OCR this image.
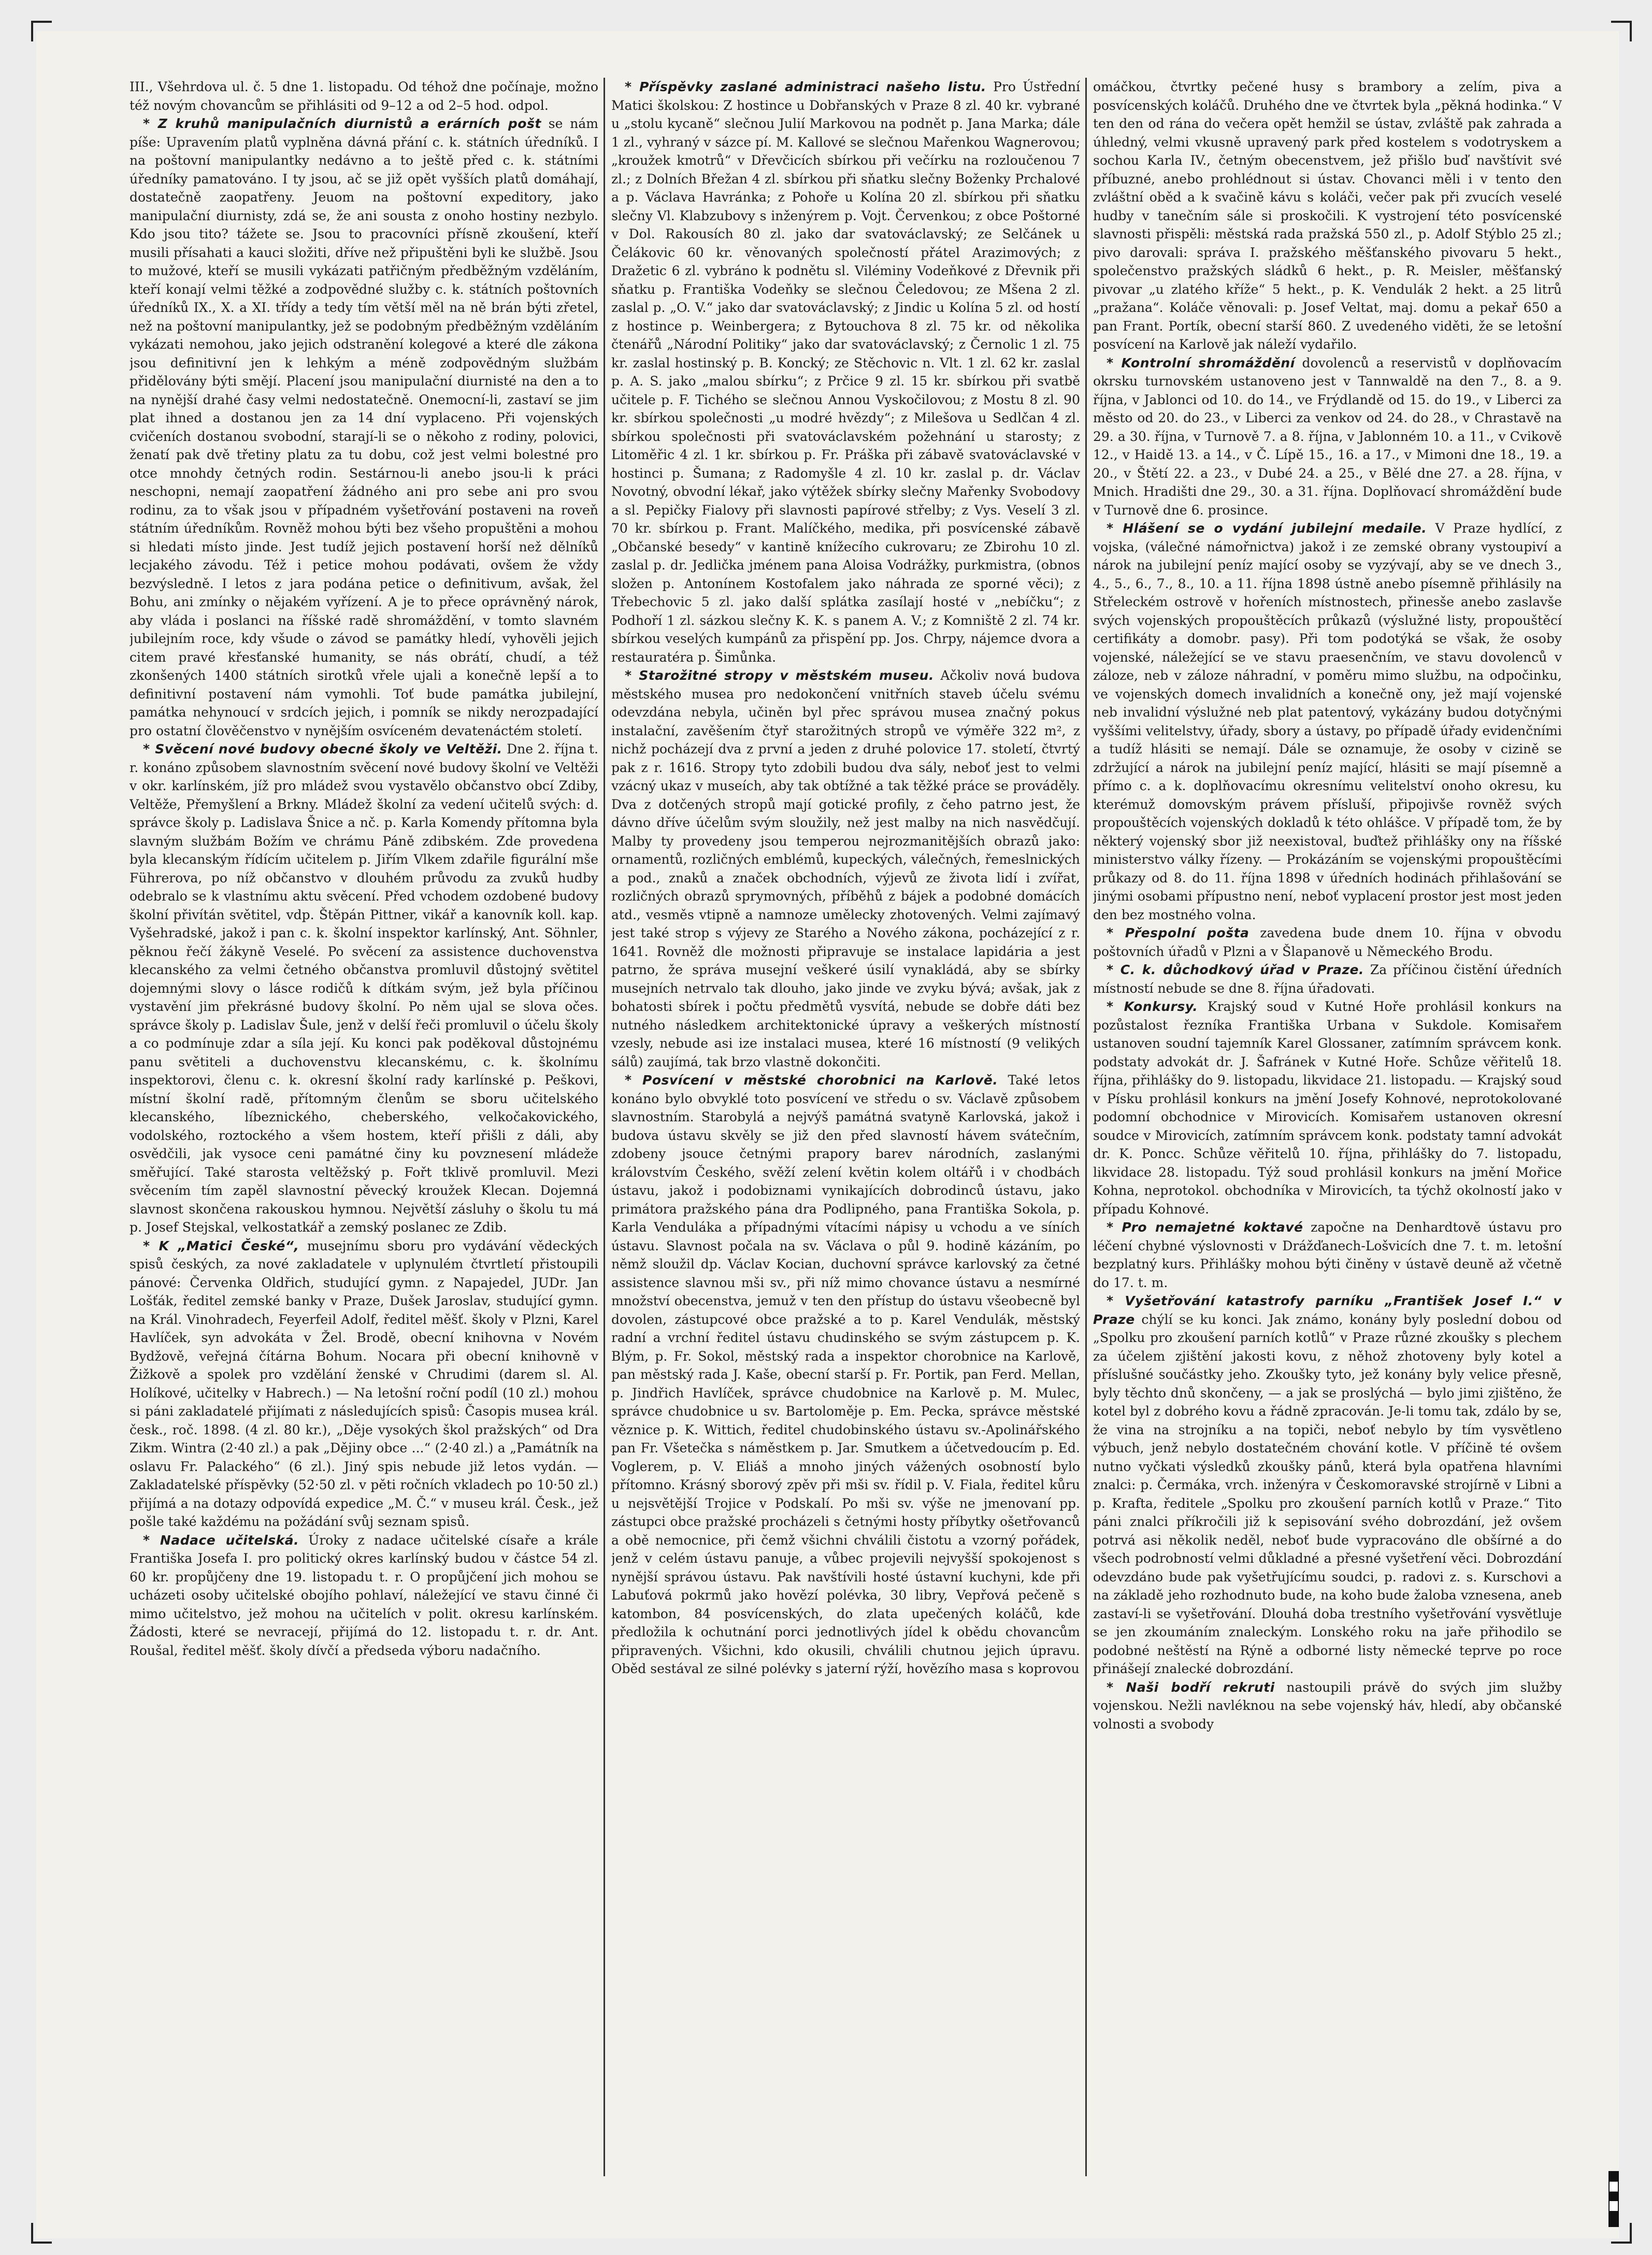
III., Všehrdova ul. č. 5 dne 1. listopadu. Od téhož dne počínaje, možno též novým chovancům se přihlásiti od 9–12 a od 2–5 hod. odpol.

* Z kruhů manipulačních diurnistů a erárních pošt se nám píše: Upravením platů vyplněna dávná přání c. k. státních úředníků. I na poštovní manipulantky nedávno a to ještě před c. k. státními úředníky pamatováno. I ty jsou, ač se již opět vyšších platů domáhají, dostatečně zaopatřeny. Jeuom na poštovní expeditory, jako manipulační diurnisty, zdá se, že ani sousta z onoho hostiny nezbylo. Kdo jsou tito? tážete se. Jsou to pracovníci přísně zkoušení, kteří musili přísahati a kauci složiti, dříve než připuštěni byli ke službě. Jsou to mužové, kteří se musili vykázati patřičným předběžným vzděláním, kteří konají velmi těžké a zodpovědné služby c. k. státních poštovních úředníků IX., X. a XI. třídy a tedy tím větší měl na ně brán býti zřetel, než na poštovní manipulantky, jež se podobným předběžným vzděláním vykázati nemohou, jako jejich odstranění kolegové a které dle zákona jsou definitivní jen k lehkým a méně zodpovědným službám přidělovány býti smějí. Placení jsou manipulační diurnisté na den a to na nynější drahé časy velmi nedostatečně. Onemocní-li, zastaví se jim plat ihned a dostanou jen za 14 dní vyplaceno. Při vojenských cvičeních dostanou svobodní, starají-li se o někoho z rodiny, polovici, ženatí pak dvě třetiny platu za tu dobu, což jest velmi bolestné pro otce mnohdy četných rodin. Sestárnou-li anebo jsou-li k práci neschopni, nemají zaopatření žádného ani pro sebe ani pro svou rodinu, za to však jsou v případném vyšetřování postaveni na roveň státním úředníkům. Rovněž mohou býti bez všeho propuštěni a mohou si hledati místo jinde. Jest tudíž jejich postavení horší než dělníků lecjakého závodu. Též i petice mohou podávati, ovšem že vždy bezvýsledně. I letos z jara podána petice o definitivum, avšak, žel Bohu, ani zmínky o nějakém vyřízení. A je to přece oprávněný nárok, aby vláda i poslanci na říšské radě shromáždění, v tomto slavném jubilejním roce, kdy všude o závod se památky hledí, vyhověli jejich citem pravé křesťanské humanity, se nás obrátí, chudí, a též zkonšených 1400 státních sirotků vřele ujali a konečně lepší a to definitivní postavení nám vymohli. Toť bude památka jubilejní, památka nehynoucí v srdcích jejich, i pomník se nikdy nerozpadající pro ostatní člověčenstvo v nynějším osvíceném devatenáctém století.

* Svěcení nové budovy obecné školy ve Veltěži. Dne 2. října t. r. konáno způsobem slavnostním svěcení nové budovy školní ve Veltěži v okr. karlínském, jíž pro mládež svou vystavělo občanstvo obcí Zdiby, Veltěže, Přemyšlení a Brkny. Mládež školní za vedení učitelů svých: d. správce školy p. Ladislava Šnice a nč. p. Karla Komendy přítomna byla slavným službám Božím ve chrámu Páně zdibském. Zde provedena byla klecanským řídícím učitelem p. Jiřím Vlkem zdařile figurální mše Führerova, po níž občanstvo v dlouhém průvodu za zvuků hudby odebralo se k vlastnímu aktu svěcení. Před vchodem ozdobené budovy školní přivítán světitel, vdp. Štěpán Pittner, vikář a kanovník koll. kap. Vyšehradské, jakož i pan c. k. školní inspektor karlínský, Ant. Söhnler, pěknou řečí žákyně Veselé. Po svěcení za assistence duchovenstva klecanského za velmi četného občanstva promluvil důstojný světitel dojemnými slovy o lásce rodičů k dítkám svým, jež byla příčinou vystavění jim překrásné budovy školní. Po něm ujal se slova očes. správce školy p. Ladislav Šule, jenž v delší řeči promluvil o účelu školy a co podmínuje zdar a síla její. Ku konci pak poděkoval důstojnému panu světiteli a duchovenstvu klecanskému, c. k. školnímu inspektorovi, členu c. k. okresní školní rady karlínské p. Peškovi, místní školní radě, přítomným členům se sboru učitelského klecanského, líbeznického, cheberského, velkočakovického, vodolského, roztockého a všem hostem, kteří přišli z dáli, aby osvědčili, jak vysoce ceni památné činy ku povznesení mládeže směřující. Také starosta veltěžský p. Fořt tklivě promluvil. Mezi svěcením tím zapěl slavnostní pěvecký kroužek Klecan. Dojemná slavnost skončena rakouskou hymnou. Největší zásluhy o školu tu má p. Josef Stejskal, velkostatkář a zemský poslanec ze Zdib.

* K „Matici České“, musejnímu sboru pro vydávání vědeckých spisů českých, za nové zakladatele v uplynulém čtvrtletí přistoupili pánové: Červenka Oldřich, studující gymn. z Napajedel, JUDr. Jan Lošťák, ředitel zemské banky v Praze, Dušek Jaroslav, studující gymn. na Král. Vinohradech, Feyerfeil Adolf, ředitel měšť. školy v Plzni, Karel Havlíček, syn advokáta v Žel. Brodě, obecní knihovna v Novém Bydžově, veřejná čítárna Bohum. Nocara při obecní knihovně v Žižkově a spolek pro vzdělání ženské v Chrudimi (darem sl. Al. Holíkové, učitelky v Habrech.) — Na letošní roční podíl (10 zl.) mohou si páni zakladatelé přijímati z následujících spisů: Časopis musea král. česk., roč. 1898. (4 zl. 80 kr.), „Děje vysokých škol pražských“ od Dra Zikm. Wintra (2·40 zl.) a pak „Dějiny obce ...“ (2·40 zl.) a „Památník na oslavu Fr. Palackého“ (6 zl.). Jiný spis nebude již letos vydán. — Zakladatelské příspěvky (52·50 zl. v pěti ročních vkladech po 10·50 zl.) přijímá a na dotazy odpovídá expedice „M. Č.“ v museu král. Česk., jež pošle také každému na požádání svůj seznam spisů.

* Nadace učitelská. Úroky z nadace učitelské císaře a krále Františka Josefa I. pro politický okres karlínský budou v částce 54 zl. 60 kr. propůjčeny dne 19. listopadu t. r. O propůjčení jich mohou se ucházeti osoby učitelské obojího pohlaví, náležející ve stavu činné či mimo učitelstvo, jež mohou na učitelích v polit. okresu karlínském. Žádosti, které se nevracejí, přijímá do 12. listopadu t. r. dr. Ant. Roušal, ředitel měšť. školy dívčí a předseda výboru nadačního.

* Příspěvky zaslané administraci našeho listu. Pro Ústřední Matici školskou: Z hostince u Dobřanských v Praze 8 zl. 40 kr. vybrané u „stolu kycaně“ slečnou Julií Markovou na podnět p. Jana Marka; dále 1 zl., vyhraný v sázce pí. M. Kallové se slečnou Mařenkou Wagnerovou; „kroužek kmotrů“ v Dřevčicích sbírkou při večírku na rozloučenou 7 zl.; z Dolních Břežan 4 zl. sbírkou při sňatku slečny Boženky Prchalové a p. Václava Havránka; z Pohoře u Kolína 20 zl. sbírkou při sňatku slečny Vl. Klabzubovy s inženýrem p. Vojt. Červenkou; z obce Poštorné v Dol. Rakousích 80 zl. jako dar svatováclavský; ze Selčánek u Čelákovic 60 kr. věnovaných společností přátel Arazimových; z Dražetic 6 zl. vybráno k podnětu sl. Viléminy Vodeňkové z Dřevnik při sňatku p. Františka Vodeňky se slečnou Čeledovou; ze Mšena 2 zl. zaslal p. „O. V.“ jako dar svatováclavský; z Jindic u Kolína 5 zl. od hostí z hostince p. Weinbergera; z Bytouchova 8 zl. 75 kr. od několika čtenářů „Národní Politiky“ jako dar svatováclavský; z Černolic 1 zl. 75 kr. zaslal hostinský p. B. Koncký; ze Stěchovic n. Vlt. 1 zl. 62 kr. zaslal p. A. S. jako „malou sbírku“; z Prčice 9 zl. 15 kr. sbírkou při svatbě učitele p. F. Tichého se slečnou Annou Vyskočilovou; z Mostu 8 zl. 90 kr. sbírkou společnosti „u modré hvězdy“; z Milešova u Sedlčan 4 zl. sbírkou společnosti při svatováclavském požehnání u starosty; z Litoměřic 4 zl. 1 kr. sbírkou p. Fr. Práška při zábavě svatováclavské v hostinci p. Šumana; z Radomyšle 4 zl. 10 kr. zaslal p. dr. Václav Novotný, obvodní lékař, jako výtěžek sbírky slečny Mařenky Svobodovy a sl. Pepičky Fialovy při slavnosti papírové střelby; z Vys. Veselí 3 zl. 70 kr. sbírkou p. Frant. Malíčkého, medika, při posvícenské zábavě „Občanské besedy“ v kantině knížecího cukrovaru; ze Zbirohu 10 zl. zaslal p. dr. Jedlička jménem pana Aloisa Vodrážky, purkmistra, (obnos složen p. Antonínem Kostofalem jako náhrada ze sporné věci); z Třebechovic 5 zl. jako další splátka zasílají hosté v „nebíčku“; z Podhoří 1 zl. sázkou slečny K. K. s panem A. V.; z Komniště 2 zl. 74 kr. sbírkou veselých kumpánů za přispění pp. Jos. Chrpy, nájemce dvora a restauratéra p. Šimůnka.

* Starožitné stropy v městském museu. Ačkoliv nová budova městského musea pro nedokončení vnitřních staveb účelu svému odevzdána nebyla, učiněn byl přec správou musea značný pokus instalační, zavěšením čtyř starožitných stropů ve výměře 322 m², z nichž pocházejí dva z první a jeden z druhé polovice 17. století, čtvrtý pak z r. 1616. Stropy tyto zdobili budou dva sály, neboť jest to velmi vzácný ukaz v museích, aby tak obtížné a tak těžké práce se prováděly. Dva z dotčených stropů mají gotické profily, z čeho patrno jest, že dávno dříve účelům svým sloužily, než jest malby na nich nasvědčují. Malby ty provedeny jsou temperou nejrozmanitějších obrazů jako: ornamentů, rozličných emblémů, kupeckých, válečných, řemeslnických a pod., znaků a značek obchodních, výjevů ze života lidí i zvířat, rozličných obrazů sprymovných, příběhů z bájek a podobné domácích atd., vesměs vtipně a namnoze umělecky zhotovených. Velmi zajímavý jest také strop s výjevy ze Starého a Nového zákona, pocházející z r. 1641. Rovněž dle možnosti připravuje se instalace lapidária a jest patrno, že správa musejní veškeré úsilí vynakládá, aby se sbírky musejních netrvalo tak dlouho, jako jinde ve zvyku bývá; avšak, jak z bohatosti sbírek i počtu předmětů vysvítá, nebude se dobře dáti bez nutného následkem architektonické úpravy a veškerých místností vzesly, nebude asi ize instalaci musea, které 16 místností (9 velikých sálů) zaujímá, tak brzo vlastně dokončiti.

* Posvícení v městské chorobnici na Karlově. Také letos konáno bylo obvyklé toto posvícení ve středu o sv. Václavě způsobem slavnostním. Starobylá a nejvýš památná svatyně Karlovská, jakož i budova ústavu skvěly se již den před slavností hávem svátečním, zdobeny jsouce četnými prapory barev národních, zaslanými královstvím Českého, svěží zelení květin kolem oltářů i v chodbách ústavu, jakož i podobiznami vynikajících dobrodinců ústavu, jako primátora pražského pána dra Podlipného, pana Františka Sokola, p. Karla Venduláka a případnými vítacími nápisy u vchodu a ve síních ústavu. Slavnost počala na sv. Václava o půl 9. hodině kázáním, po němž sloužil dp. Václav Kocian, duchovní správce karlovský za četné assistence slavnou mši sv., při níž mimo chovance ústavu a nesmírné množství obecenstva, jemuž v ten den přístup do ústavu všeobecně byl dovolen, zástupcové obce pražské a to p. Karel Vendulák, městský radní a vrchní ředitel ústavu chudinského se svým zástupcem p. K. Blým, p. Fr. Sokol, městský rada a inspektor chorobnice na Karlově, pan městský rada J. Kaše, obecní starší p. Fr. Portik, pan Ferd. Mellan, p. Jindřich Havlíček, správce chudobnice na Karlově p. M. Mulec, správce chudobnice u sv. Bartoloměje p. Em. Pecka, správce městské věznice p. K. Wittich, ředitel chudobinského ústavu sv.-Apolinářského pan Fr. Všetečka s náměstkem p. Jar. Smutkem a účetvedoucím p. Ed. Voglerem, p. V. Eliáš a mnoho jiných vážených osobností bylo přítomno. Krásný sborový zpěv při mši sv. řídil p. V. Fiala, ředitel kůru u nejsvětější Trojice v Podskalí. Po mši sv. výše ne jmenovaní pp. zástupci obce pražské procházeli s četnými hosty příbytky ošetřovanců a obě nemocnice, při čemž všichni chválili čistotu a vzorný pořádek, jenž v celém ústavu panuje, a vůbec projevili nejvyšší spokojenost s nynější správou ústavu. Pak navštívili hosté ústavní kuchyni, kde při Labuťová pokrmů jako hovězí polévka, 30 libry, Vepřová pečeně s katombon, 84 posvícenských, do zlata upečených koláčů, kde předložila k ochutnání porci jednotlivých jídel k obědu chovancům připravených. Všichni, kdo okusili, chválili chutnou jejich úpravu. Oběd sestával ze silné polévky s jaterní rýží, hovězího masa s koprovou

omáčkou, čtvrtky pečené husy s brambory a zelím, piva a posvícenských koláčů. Druhého dne ve čtvrtek byla „pěkná hodinka.“ V ten den od rána do večera opět hemžil se ústav, zvláště pak zahrada a úhledný, velmi vkusně upravený park před kostelem s vodotryskem a sochou Karla IV., četným obecenstvem, jež přišlo buď navštívit své příbuzné, anebo prohlédnout si ústav. Chovanci měli i v tento den zvláštní oběd a k svačině kávu s koláči, večer pak při zvucích veselé hudby v tanečním sále si proskočili. K vystrojení této posvícenské slavnosti přispěli: městská rada pražská 550 zl., p. Adolf Stýblo 25 zl.; pivo darovali: správa I. pražského měšťanského pivovaru 5 hekt., společenstvo pražských sládků 6 hekt., p. R. Meisler, měšťanský pivovar „u zlatého kříže“ 5 hekt., p. K. Vendulák 2 hekt. a 25 litrů „pražana“. Koláče věnovali: p. Josef Veltat, maj. domu a pekař 650 a pan Frant. Portík, obecní starší 860. Z uvedeného viděti, že se letošní posvícení na Karlově jak náleží vydařilo.

* Kontrolní shromáždění dovolenců a reservistů v doplňovacím okrsku turnovském ustanoveno jest v Tannwaldě na den 7., 8. a 9. října, v Jablonci od 10. do 14., ve Frýdlandě od 15. do 19., v Liberci za město od 20. do 23., v Liberci za venkov od 24. do 28., v Chrastavě na 29. a 30. října, v Turnově 7. a 8. října, v Jablonném 10. a 11., v Cvikově 12., v Haidě 13. a 14., v Č. Lípě 15., 16. a 17., v Mimoni dne 18., 19. a 20., v Štětí 22. a 23., v Dubé 24. a 25., v Bělé dne 27. a 28. října, v Mnich. Hradišti dne 29., 30. a 31. října. Doplňovací shromáždění bude v Turnově dne 6. prosince.

* Hlášení se o vydání jubilejní medaile. V Praze hydlící, z vojska, (válečné námořnictva) jakož i ze zemské obrany vystoupiví a nárok na jubilejní peníz mající osoby se vyzývají, aby se ve dnech 3., 4., 5., 6., 7., 8., 10. a 11. října 1898 ústně anebo písemně přihlásily na Střeleckém ostrově v hořeních místnostech, přinesše anebo zaslavše svých vojenských propouštěcích průkazů (výslužné listy, propouštěcí certifikáty a domobr. pasy). Při tom podotýká se však, že osoby vojenské, náležející se ve stavu praesenčním, ve stavu dovolenců v záloze, neb v záloze náhradní, v poměru mimo službu, na odpočinku, ve vojenských domech invalidních a konečně ony, jež mají vojenské neb invalidní výslužné neb plat patentový, vykázány budou dotyčnými vyššími velitelstvy, úřady, sbory a ústavy, po případě úřady evidenčními a tudíž hlásiti se nemají. Dále se oznamuje, že osoby v cizině se zdržující a nárok na jubilejní peníz mající, hlásiti se mají písemně a přímo c. a k. doplňovacímu okresnímu velitelství onoho okresu, ku kterémuž domovským právem přísluší, připojivše rovněž svých propouštěcích vojenských dokladů k této ohlášce. V případě tom, že by některý vojenský sbor již neexistoval, buďtež přihlášky ony na říšské ministerstvo války řízeny. — Prokázáním se vojenskými propouštěcími průkazy od 8. do 11. října 1898 v úředních hodinách přihlašování se jinými osobami přípustno není, neboť vyplacení prostor jest most jeden den bez mostného volna.

* Přespolní pošta zavedena bude dnem 10. října v obvodu poštovních úřadů v Plzni a v Šlapanově u Německého Brodu.

* C. k. důchodkový úřad v Praze. Za příčinou čistění úředních místností nebude se dne 8. října úřadovati.

* Konkursy. Krajský soud v Kutné Hoře prohlásil konkurs na pozůstalost řezníka Františka Urbana v Sukdole. Komisařem ustanoven soudní tajemník Karel Glossaner, zatímním správcem konk. podstaty advokát dr. J. Šafránek v Kutné Hoře. Schůze věřitelů 18. října, přihlášky do 9. listopadu, likvidace 21. listopadu. — Krajský soud v Písku prohlásil konkurs na jmění Josefy Kohnové, neprotokolované podomní obchodnice v Mirovicích. Komisařem ustanoven okresní soudce v Mirovicích, zatímním správcem konk. podstaty tamní advokát dr. K. Poncc. Schůze věřitelů 10. října, přihlášky do 7. listopadu, likvidace 28. listopadu. Týž soud prohlásil konkurs na jmění Mořice Kohna, neprotokol. obchodníka v Mirovicích, ta týchž okolností jako v případu Kohnové.

* Pro nemajetné koktavé započne na Denhardtově ústavu pro léčení chybné výslovnosti v Drážďanech-Lošvicích dne 7. t. m. letošní bezplatný kurs. Přihlášky mohou býti činěny v ústavě deuně až včetně do 17. t. m.

* Vyšetřování katastrofy parníku „František Josef I.“ v Praze chýlí se ku konci. Jak známo, konány byly poslední dobou od „Spolku pro zkoušení parních kotlů“ v Praze různé zkoušky s plechem za účelem zjištění jakosti kovu, z něhož zhotoveny byly kotel a příslušné součástky jeho. Zkoušky tyto, jež konány byly velice přesně, byly těchto dnů skončeny, — a jak se proslýchá — bylo jimi zjištěno, že kotel byl z dobrého kovu a řádně zpracován. Je-li tomu tak, zdálo by se, že vina na strojníku a na topiči, neboť nebylo by tím vysvětleno výbuch, jenž nebylo dostatečném chování kotle. V příčině té ovšem nutno vyčkati výsledků zkoušky pánů, která byla opatřena hlavními znalci: p. Čermáka, vrch. inženýra v Českomoravské strojírně v Libni a p. Krafta, ředitele „Spolku pro zkoušení parních kotlů v Praze.“ Tito páni znalci příkročili již k sepisování svého dobrozdání, jež ovšem potrvá asi několik neděl, neboť bude vypracováno dle obšírné a do všech podrobností velmi důkladné a přesné vyšetření věci. Dobrozdání odevzdáno bude pak vyšetřujícímu soudci, p. radovi z. s. Kurschovi a na základě jeho rozhodnuto bude, na koho bude žaloba vznesena, aneb zastaví-li se vyšetřování. Dlouhá doba trestního vyšetřování vysvětluje se jen zkoumáním znaleckým. Lonského roku na jaře přihodilo se podobné neštěstí na Rýně a odborné listy německé teprve po roce přinášejí znalecké dobrozdání.

* Naši bodří rekruti nastoupili právě do svých jim služby vojenskou. Nežli navléknou na sebe vojenský háv, hledí, aby občanské volnosti a svobody
